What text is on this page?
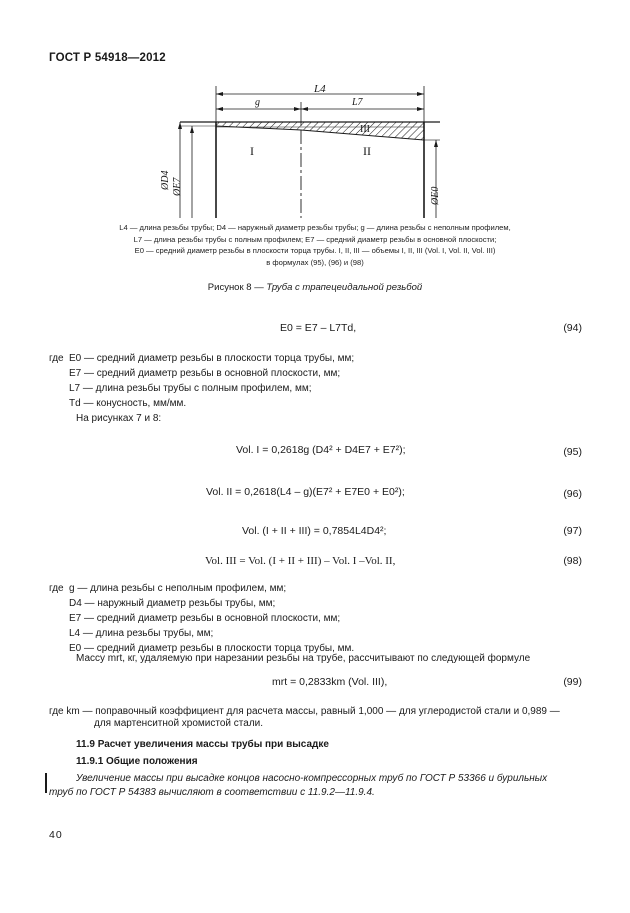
ГОСТ Р 54918—2012
L4
g	L7
I	II
III
ØD4 ØE7	ØE0
L4 — длина резьбы трубы; D4 — наружный диаметр резьбы трубы; g — длина резьбы с неполным профилем,
L7 — длина резьбы трубы с полным профилем; E7 — средний диаметр резьбы в основной плоскости;
E0 — средний диаметр резьбы в плоскости торца трубы. I, II, III — объемы I, II, III (Vol. I, Vol. II, Vol. III)
в формулах (95), (96) и (98)
Рисунок 8 — Труба с трапецеидальной резьбой
E0 = E7 – L7Td,	(94)
где E0 — средний диаметр резьбы в плоскости торца трубы, мм;
E7 — средний диаметр резьбы в основной плоскости, мм;
L7 — длина резьбы трубы с полным профилем, мм;
Td — конусность, мм/мм.
На рисунках 7 и 8:
Vol. I = 0,2618g (D4² + D4E7 + E7²);	(95)
Vol. II = 0,2618(L4 – g)(E7² + E7E0 + E0²);	(96)
Vol. (I + II + III) = 0,7854L4D4²;	(97)
Vol. III = Vol. (I + II + III) – Vol. I –Vol. II,	(98)
где g — длина резьбы с неполным профилем, мм;
D4 — наружный диаметр резьбы трубы, мм;
E7 — средний диаметр резьбы в основной плоскости, мм;
L4 — длина резьбы трубы, мм;
E0 — средний диаметр резьбы в плоскости торца трубы, мм.
Массу mrt, кг, удаляемую при нарезании резьбы на трубе, рассчитывают по следующей формуле
mrt = 0,2833km (Vol. III),	(99)
где km — поправочный коэффициент для расчета массы, равный 1,000 — для углеродистой стали и 0,989 —
для мартенситной хромистой стали.
11.9 Расчет увеличения массы трубы при высадке
11.9.1 Общие положения
Увеличение массы при высадке концов насосно-компрессорных труб по ГОСТ Р 53366 и бурильных
труб по ГОСТ Р 54383 вычисляют в соответствии с 11.9.2—11.9.4.
40
